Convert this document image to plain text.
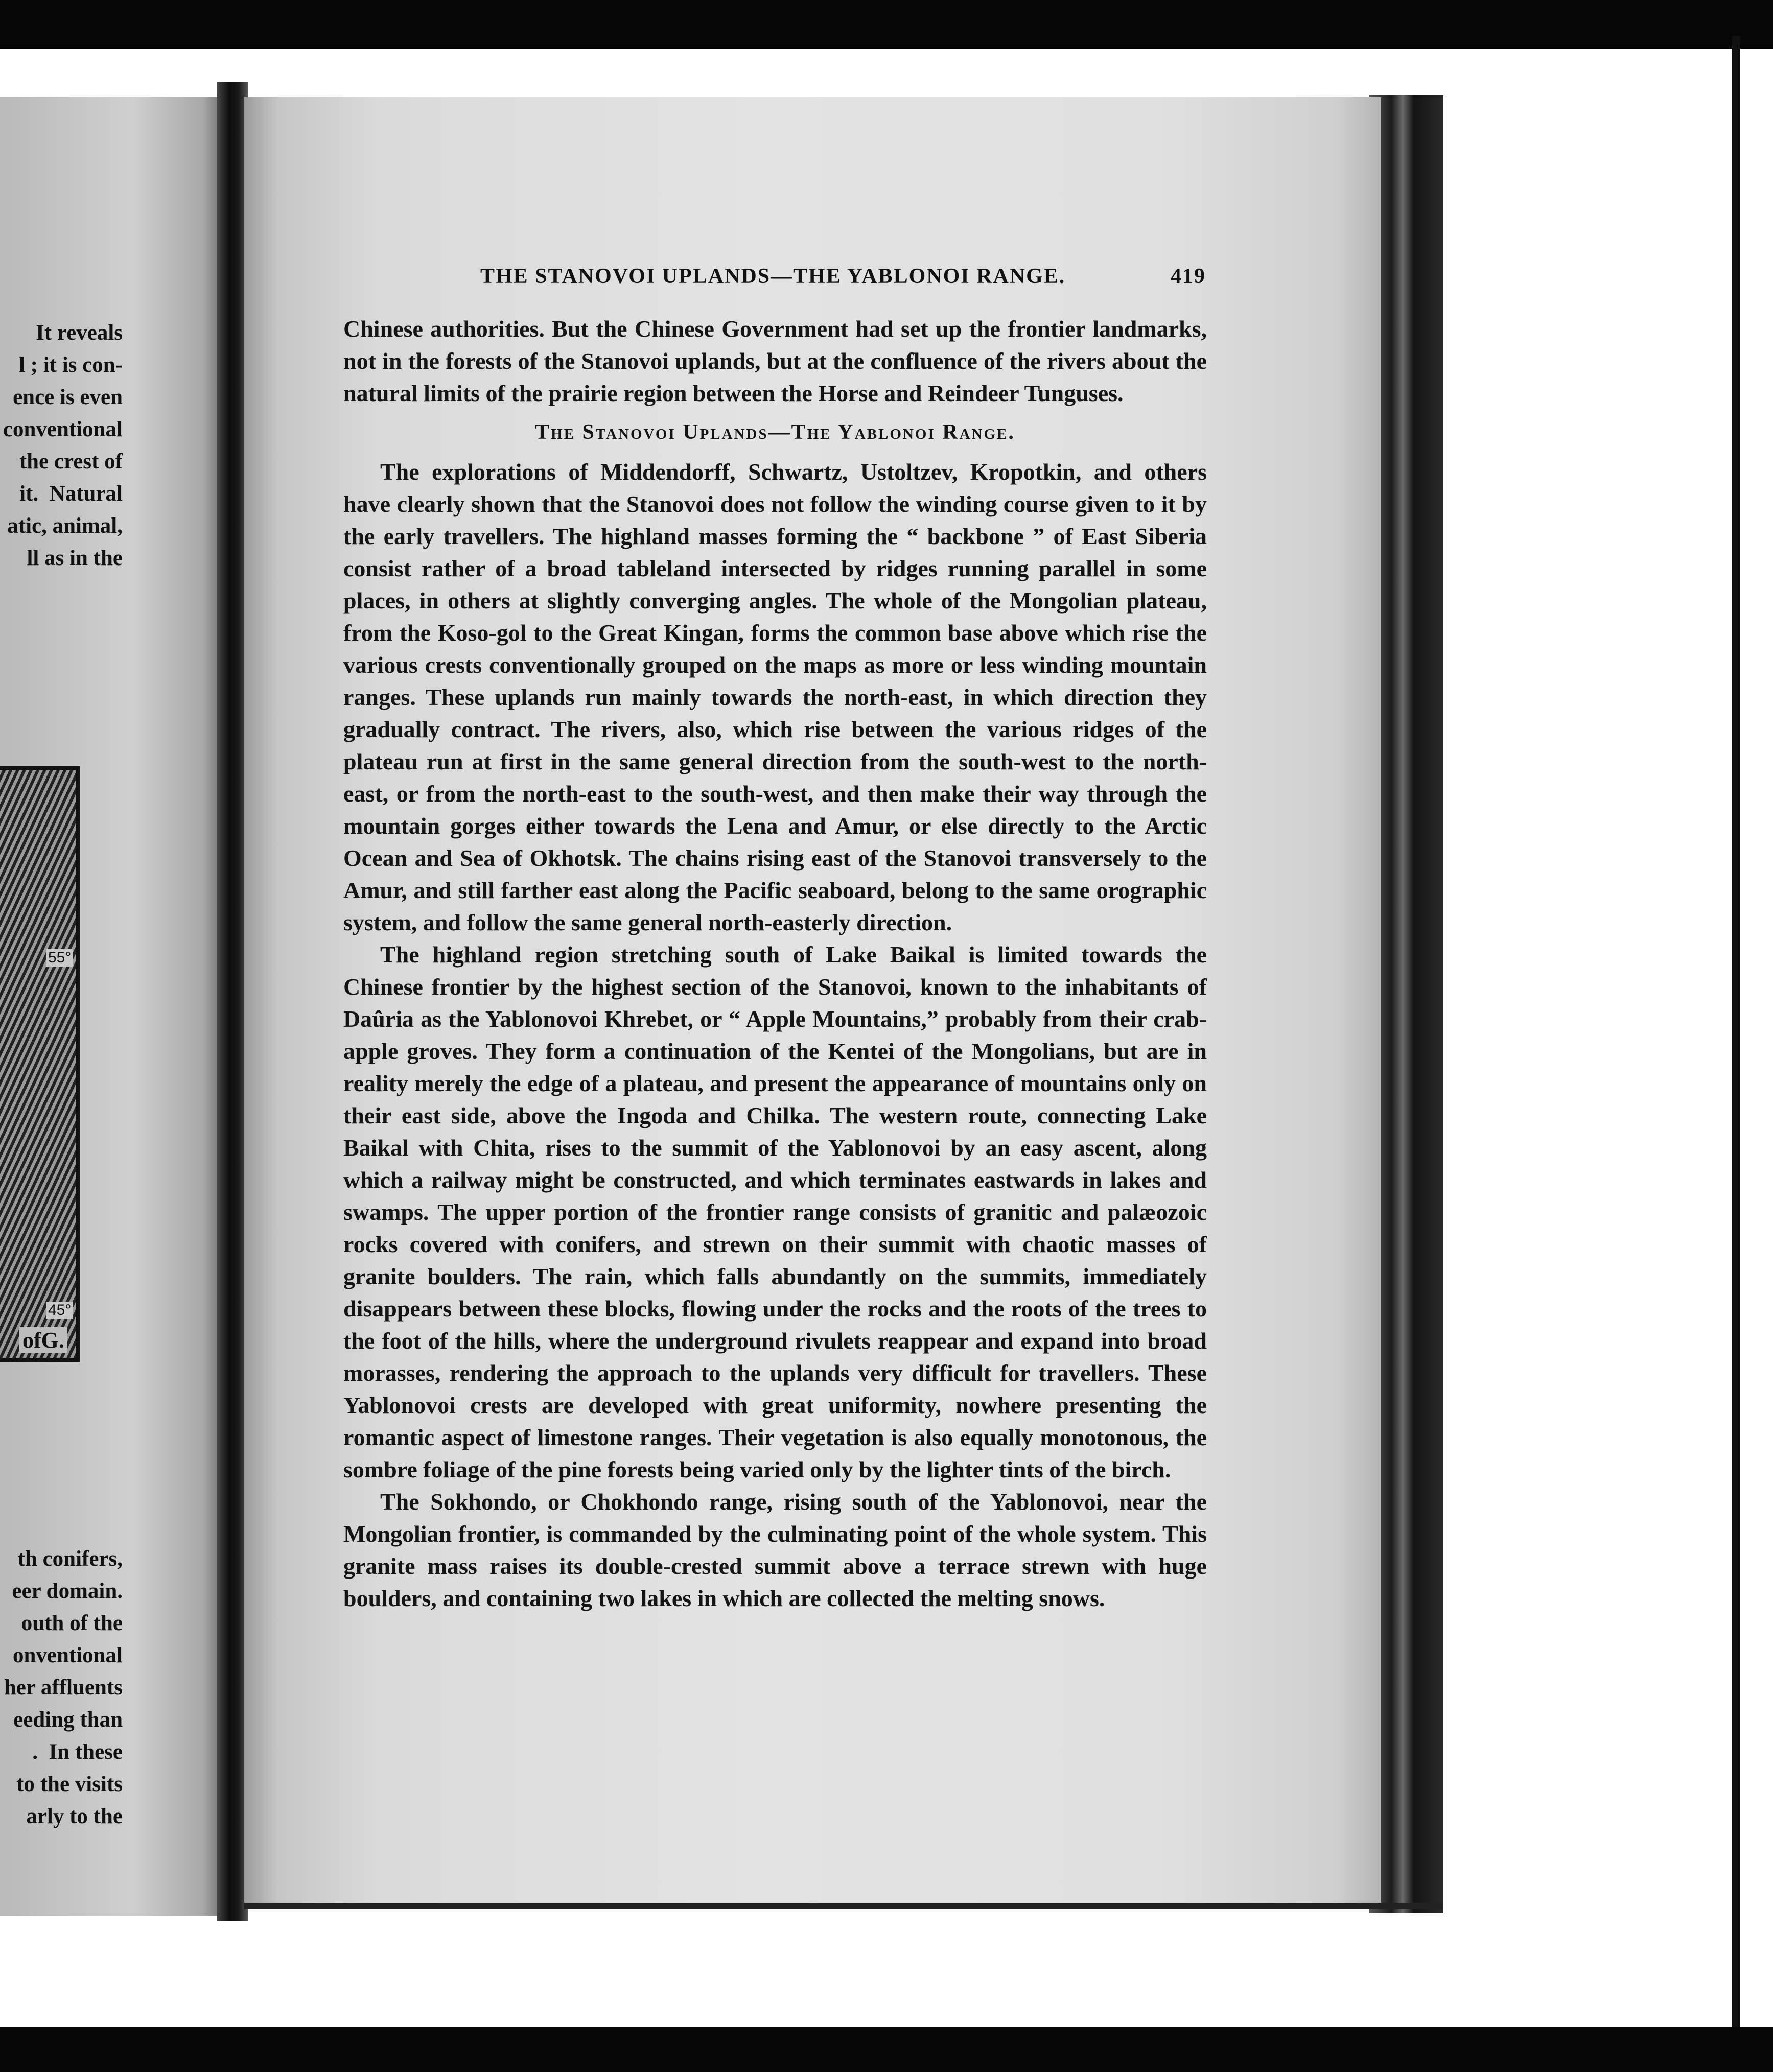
It reveals
l ; it is con-
ence is even
conventional
the crest of
it.  Natural
atic, animal,
ll as in the
55°
45°
ofG.
th conifers,
eer domain.
outh of the
onventional
her affluents
eeding than
.  In these
to the visits
arly to the
THE STANOVOI UPLANDS—THE YABLONOI RANGE.	419

Chinese authorities. But the Chinese Government had set up the frontier landmarks, not in the forests of the Stanovoi uplands, but at the confluence of the rivers about the natural limits of the prairie region between the Horse and Reindeer Tunguses.

The Stanovoi Uplands—The Yablonoi Range.

The explorations of Middendorff, Schwartz, Ustoltzev, Kropotkin, and others have clearly shown that the Stanovoi does not follow the winding course given to it by the early travellers. The highland masses forming the “ backbone ” of East Siberia consist rather of a broad tableland intersected by ridges running parallel in some places, in others at slightly converging angles. The whole of the Mongolian plateau, from the Koso-gol to the Great Kingan, forms the common base above which rise the various crests conventionally grouped on the maps as more or less winding mountain ranges. These uplands run mainly towards the north-east, in which direction they gradually contract. The rivers, also, which rise between the various ridges of the plateau run at first in the same general direction from the south-west to the north-east, or from the north-east to the south-west, and then make their way through the mountain gorges either towards the Lena and Amur, or else directly to the Arctic Ocean and Sea of Okhotsk. The chains rising east of the Stanovoi transversely to the Amur, and still farther east along the Pacific seaboard, belong to the same orographic system, and follow the same general north-easterly direction.

The highland region stretching south of Lake Baikal is limited towards the Chinese frontier by the highest section of the Stanovoi, known to the inhabitants of Daûria as the Yablonovoi Khrebet, or “ Apple Mountains,” probably from their crab-apple groves. They form a continuation of the Kentei of the Mongolians, but are in reality merely the edge of a plateau, and present the appearance of mountains only on their east side, above the Ingoda and Chilka. The western route, connecting Lake Baikal with Chita, rises to the summit of the Yablonovoi by an easy ascent, along which a railway might be constructed, and which terminates eastwards in lakes and swamps. The upper portion of the frontier range consists of granitic and palæozoic rocks covered with conifers, and strewn on their summit with chaotic masses of granite boulders. The rain, which falls abundantly on the summits, immediately disappears between these blocks, flowing under the rocks and the roots of the trees to the foot of the hills, where the underground rivulets reappear and expand into broad morasses, rendering the approach to the uplands very difficult for travellers. These Yablonovoi crests are developed with great uniformity, nowhere presenting the romantic aspect of limestone ranges. Their vegetation is also equally monotonous, the sombre foliage of the pine forests being varied only by the lighter tints of the birch.

The Sokhondo, or Chokhondo range, rising south of the Yablonovoi, near the Mongolian frontier, is commanded by the culminating point of the whole system. This granite mass raises its double-crested summit above a terrace strewn with huge boulders, and containing two lakes in which are collected the melting snows.
